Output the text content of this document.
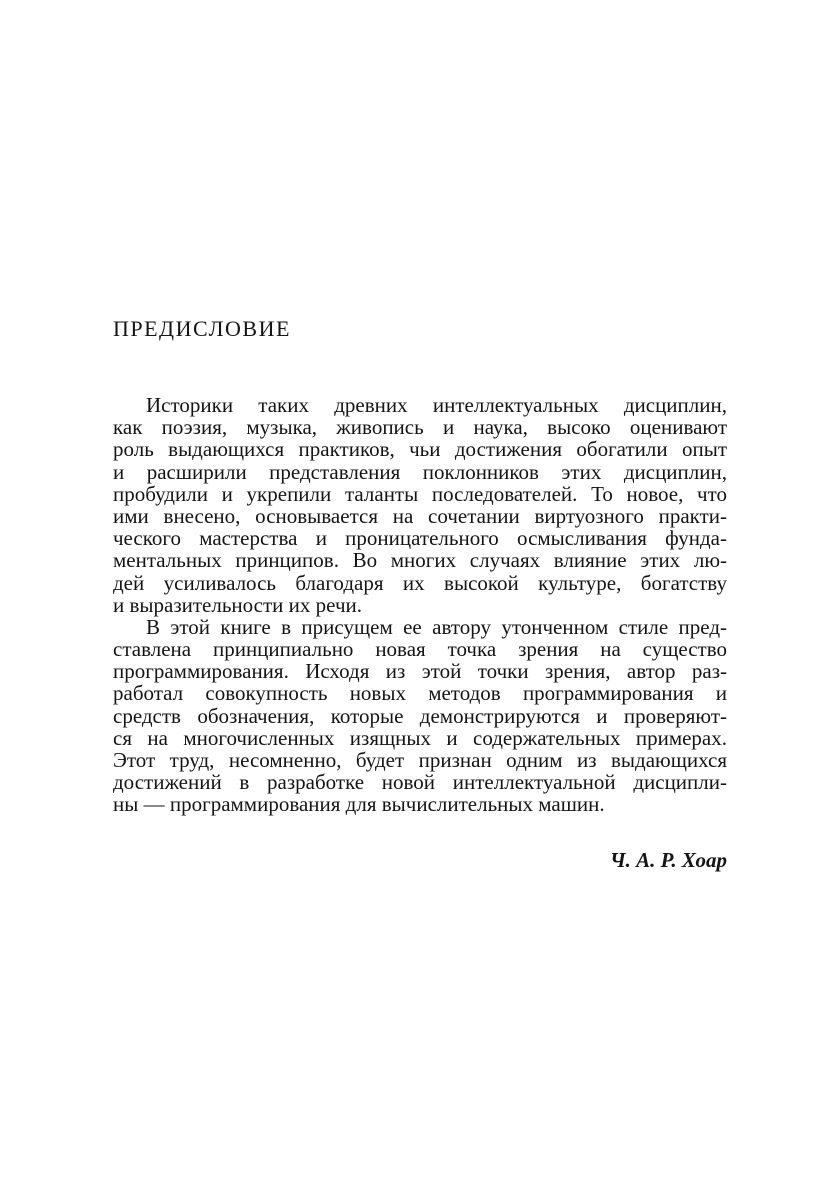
ПРЕДИСЛОВИЕ
Историки таких древних интеллектуальных дисциплин,
как поэзия, музыка, живопись и наука, высоко оценивают
роль выдающихся практиков, чьи достижения обогатили опыт
и расширили представления поклонников этих дисциплин,
пробудили и укрепили таланты последователей. То новое, что
ими внесено, основывается на сочетании виртуозного практи-
ческого мастерства и проницательного осмысливания фунда-
ментальных принципов. Во многих случаях влияние этих лю-
дей усиливалось благодаря их высокой культуре, богатству
и выразительности их речи.
В этой книге в присущем ее автору утонченном стиле пред-
ставлена принципиально новая точка зрения на существо
программирования. Исходя из этой точки зрения, автор раз-
работал совокупность новых методов программирования и
средств обозначения, которые демонстрируются и проверяют-
ся на многочисленных изящных и содержательных примерах.
Этот труд, несомненно, будет признан одним из выдающихся
достижений в разработке новой интеллектуальной дисципли-
ны — программирования для вычислительных машин.
Ч. А. Р. Хоар
